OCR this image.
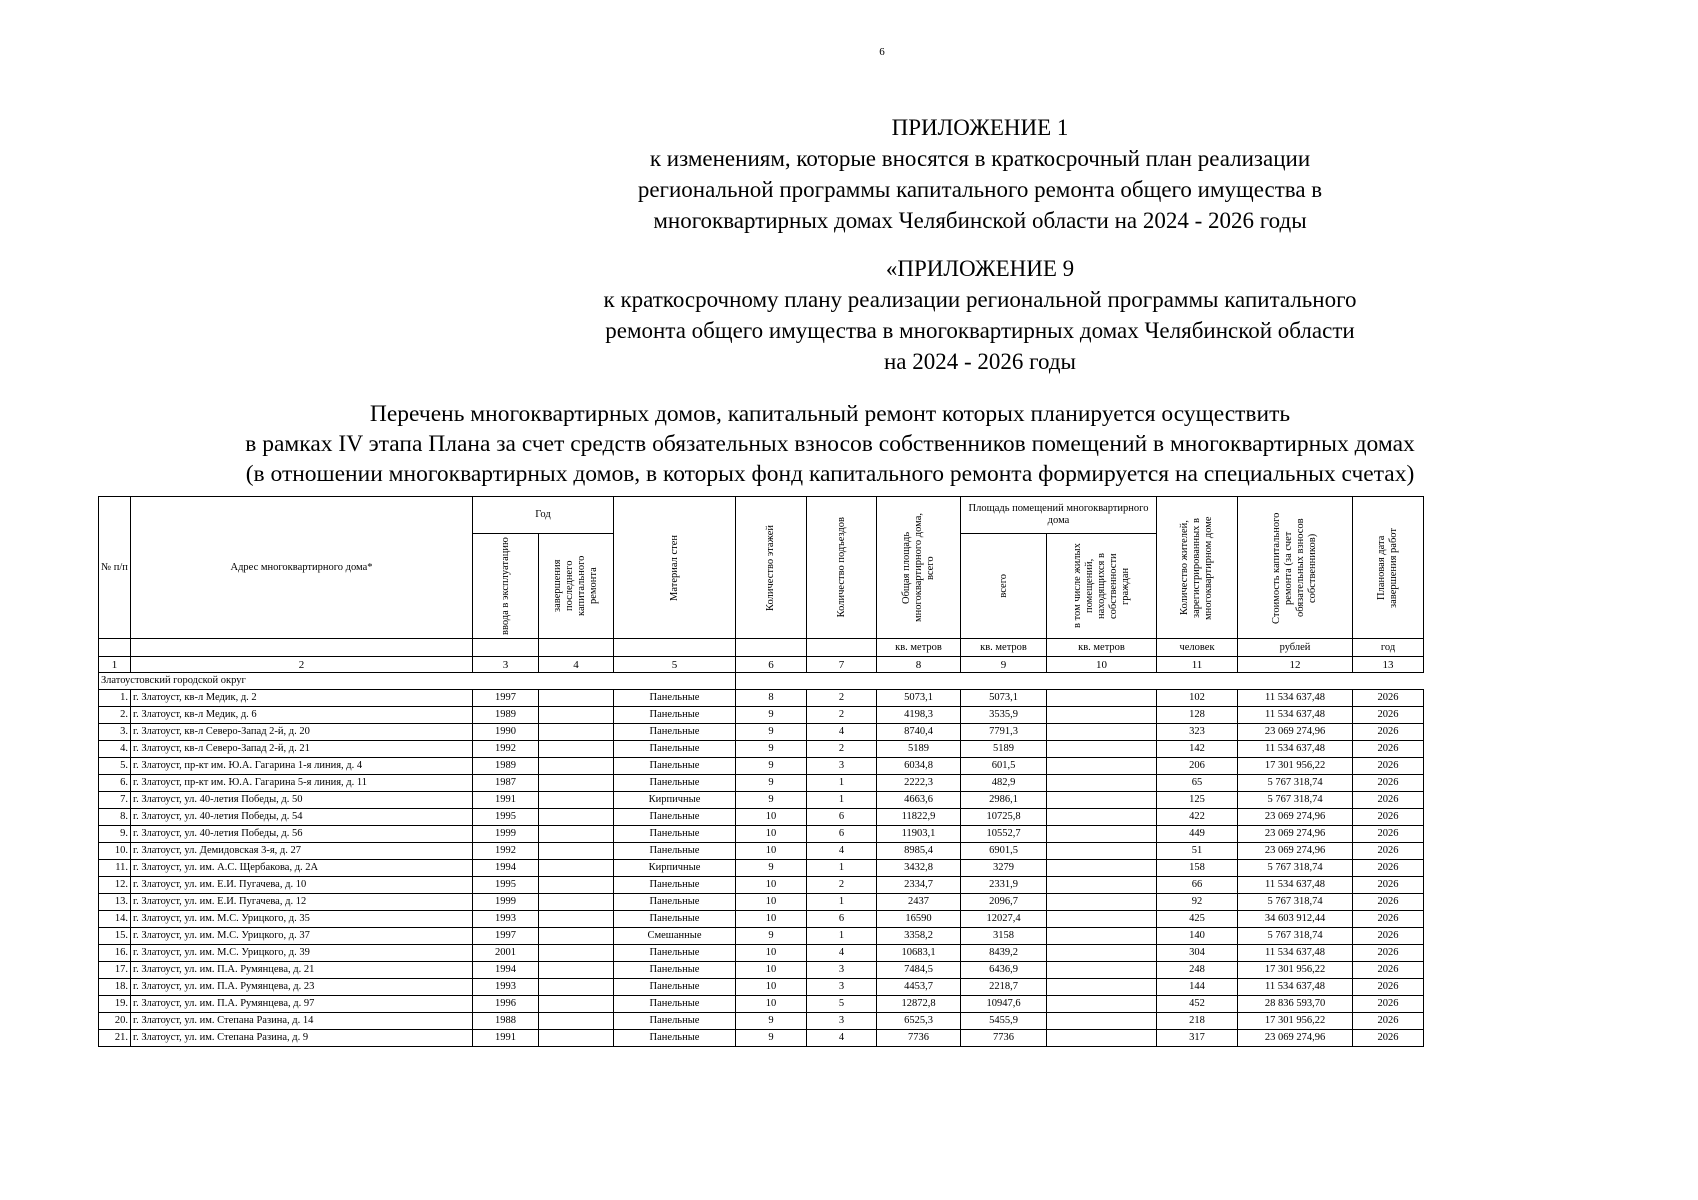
6
ПРИЛОЖЕНИЕ 1
к изменениям, которые вносятся в краткосрочный план реализации
региональной программы капитального ремонта общего имущества в
многоквартирных домах Челябинской области на 2024 - 2026 годы
«ПРИЛОЖЕНИЕ 9
к краткосрочному плану реализации региональной программы капитального
ремонта общего имущества в многоквартирных домах Челябинской области
на 2024 - 2026 годы
Перечень многоквартирных домов, капитальный ремонт которых планируется осуществить
в рамках IV этапа Плана за счет средств обязательных взносов собственников помещений в многоквартирных домах
(в отношении многоквартирных домов, в которых фонд капитального ремонта формируется на специальных счетах)
№ п/п	Адрес многоквартирного дома*	Год		Материал стен	Количество этажей	Количество подъездов	Общая площадь многоквартирного дома, всего	Площадь помещений многоквартирного дома		Количество жителей, зарегистрированных в многоквартирном доме	Стоимость капитального ремонта (за счет обязательных взносов собственников)	Плановая дата завершения работ

		ввода в эксплуатацию	завершения последнего капитального ремонта					всего	в том числе жилых помещений, находящихся в собственности граждан			

							кв. метров	кв. метров	кв. метров	человек	рублей	год
1	2	3	4	5	6	7	8	9	10	11	12	13
Златоустовский городской округ												
1.	г. Златоуст, кв-л Медик, д. 2	1997		Панельные	8	2	5073,1	5073,1		102	11 534 637,48	2026
2.	г. Златоуст, кв-л Медик, д. 6	1989		Панельные	9	2	4198,3	3535,9		128	11 534 637,48	2026
3.	г. Златоуст, кв-л Северо-Запад 2-й, д. 20	1990		Панельные	9	4	8740,4	7791,3		323	23 069 274,96	2026
4.	г. Златоуст, кв-л Северо-Запад 2-й, д. 21	1992		Панельные	9	2	5189	5189		142	11 534 637,48	2026
5.	г. Златоуст, пр-кт им. Ю.А. Гагарина 1-я линия, д. 4	1989		Панельные	9	3	6034,8	601,5		206	17 301 956,22	2026
6.	г. Златоуст, пр-кт им. Ю.А. Гагарина 5-я линия, д. 11	1987		Панельные	9	1	2222,3	482,9		65	5 767 318,74	2026
7.	г. Златоуст, ул. 40-летия Победы, д. 50	1991		Кирпичные	9	1	4663,6	2986,1		125	5 767 318,74	2026
8.	г. Златоуст, ул. 40-летия Победы, д. 54	1995		Панельные	10	6	11822,9	10725,8		422	23 069 274,96	2026
9.	г. Златоуст, ул. 40-летия Победы, д. 56	1999		Панельные	10	6	11903,1	10552,7		449	23 069 274,96	2026
10.	г. Златоуст, ул. Демидовская 3-я, д. 27	1992		Панельные	10	4	8985,4	6901,5		51	23 069 274,96	2026
11.	г. Златоуст, ул. им. А.С. Щербакова, д. 2А	1994		Кирпичные	9	1	3432,8	3279		158	5 767 318,74	2026
12.	г. Златоуст, ул. им. Е.И. Пугачева, д. 10	1995		Панельные	10	2	2334,7	2331,9		66	11 534 637,48	2026
13.	г. Златоуст, ул. им. Е.И. Пугачева, д. 12	1999		Панельные	10	1	2437	2096,7		92	5 767 318,74	2026
14.	г. Златоуст, ул. им. М.С. Урицкого, д. 35	1993		Панельные	10	6	16590	12027,4		425	34 603 912,44	2026
15.	г. Златоуст, ул. им. М.С. Урицкого, д. 37	1997		Смешанные	9	1	3358,2	3158		140	5 767 318,74	2026
16.	г. Златоуст, ул. им. М.С. Урицкого, д. 39	2001		Панельные	10	4	10683,1	8439,2		304	11 534 637,48	2026
17.	г. Златоуст, ул. им. П.А. Румянцева, д. 21	1994		Панельные	10	3	7484,5	6436,9		248	17 301 956,22	2026
18.	г. Златоуст, ул. им. П.А. Румянцева, д. 23	1993		Панельные	10	3	4453,7	2218,7		144	11 534 637,48	2026
19.	г. Златоуст, ул. им. П.А. Румянцева, д. 97	1996		Панельные	10	5	12872,8	10947,6		452	28 836 593,70	2026
20.	г. Златоуст, ул. им. Степана Разина, д. 14	1988		Панельные	9	3	6525,3	5455,9		218	17 301 956,22	2026
21.	г. Златоуст, ул. им. Степана Разина, д. 9	1991		Панельные	9	4	7736	7736		317	23 069 274,96	2026
